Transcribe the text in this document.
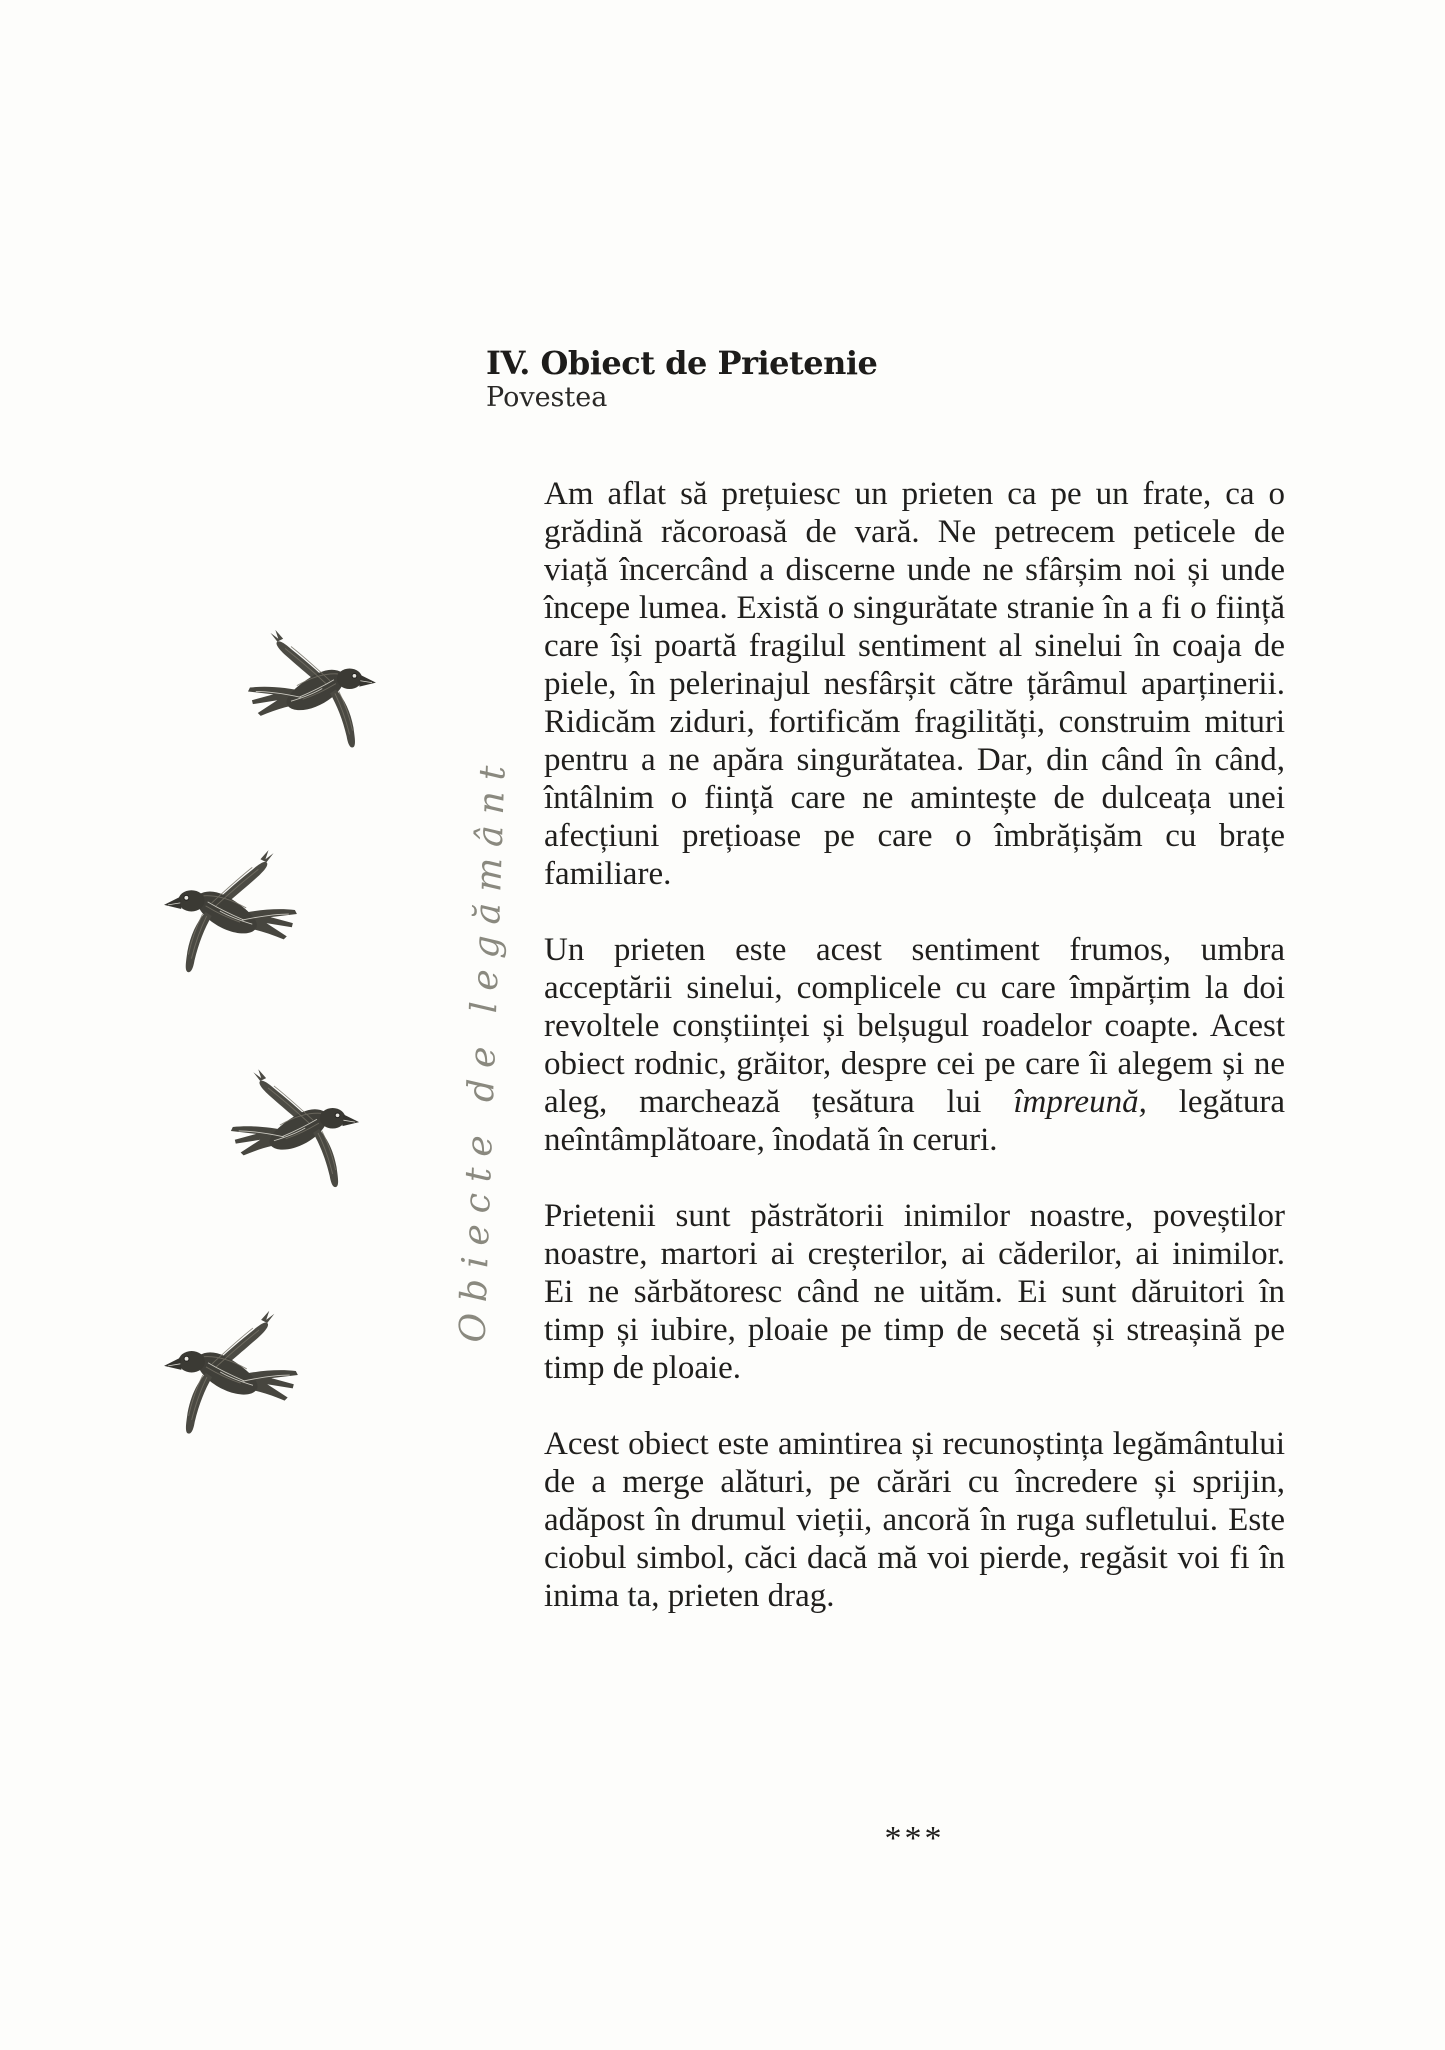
Obiecte de legământ
IV. Obiect de Prietenie
Povestea

Am aflat să prețuiesc un prieten ca pe un frate, ca o grădină răcoroasă de vară. Ne petrecem peticele de viață încercând a discerne unde ne sfârșim noi și unde începe lumea. Există o singurătate stranie în a fi o ființă care își poartă fragilul sentiment al sinelui în coaja de piele, în pelerinajul nesfârșit către țărâmul aparținerii. Ridicăm ziduri, fortificăm fragilități, construim mituri pentru a ne apăra singurătatea. Dar, din când în când, întâlnim o ființă care ne amintește de dulceața unei afecțiuni prețioase pe care o îmbrățișăm cu brațe familiare.

Un prieten este acest sentiment frumos, umbra acceptării sinelui, complicele cu care împărțim la doi revoltele conștiinței și belșugul roadelor coapte. Acest obiect rodnic, grăitor, despre cei pe care îi alegem și ne aleg, marchează țesătura lui împreună, legătura neîntâmplătoare, înodată în ceruri.

Prietenii sunt păstrătorii inimilor noastre, poveștilor noastre, martori ai creșterilor, ai căderilor, ai inimilor. Ei ne sărbătoresc când ne uităm. Ei sunt dăruitori în timp și iubire, ploaie pe timp de secetă și streașină pe timp de ploaie.

Acest obiect este amintirea și recunoștința legământului de a merge alături, pe cărări cu încredere și sprijin, adăpost în drumul vieții, ancoră în ruga sufletului. Este ciobul simbol, căci dacă mă voi pierde, regăsit voi fi în inima ta, prieten drag.

***
